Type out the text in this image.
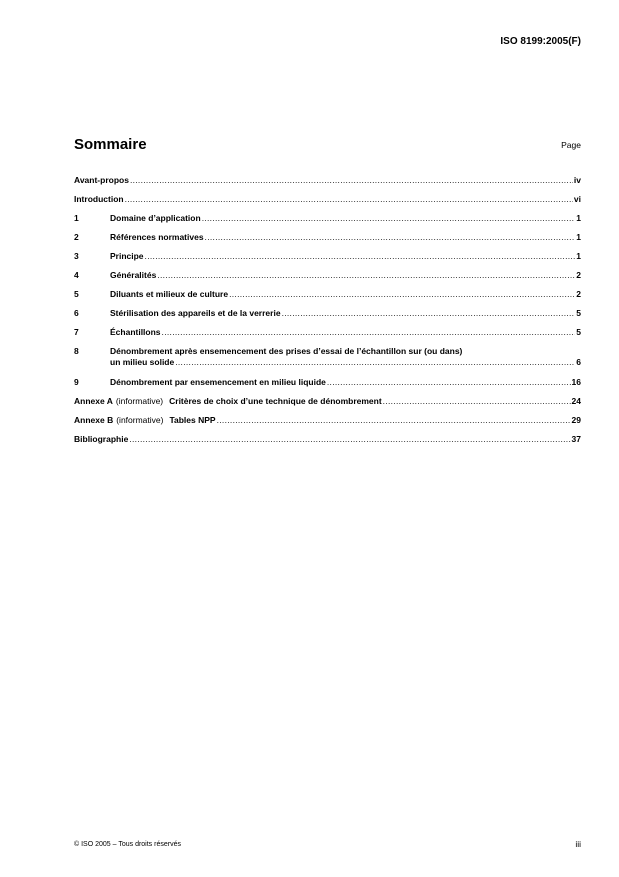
ISO 8199:2005(F)
Sommaire	Page
Avant-propos .....	iv
Introduction .....	vi
1	Domaine d’application .....	1
2	Références normatives .....	1
3	Principe .....	1
4	Généralités .....	2
5	Diluants et milieux de culture .....	2
6	Stérilisation des appareils et de la verrerie .....	5
7	Échantillons .....	5
8	Dénombrement après ensemencement des prises d’essai de l’échantillon sur (ou dans)
un milieu solide .....	6
9	Dénombrement par ensemencement en milieu liquide .....	16
Annexe A (informative) Critères de choix d’une technique de dénombrement .....	24
Annexe B (informative) Tables NPP .....	29
Bibliographie .....	37
© ISO 2005 – Tous droits réservés	iii
